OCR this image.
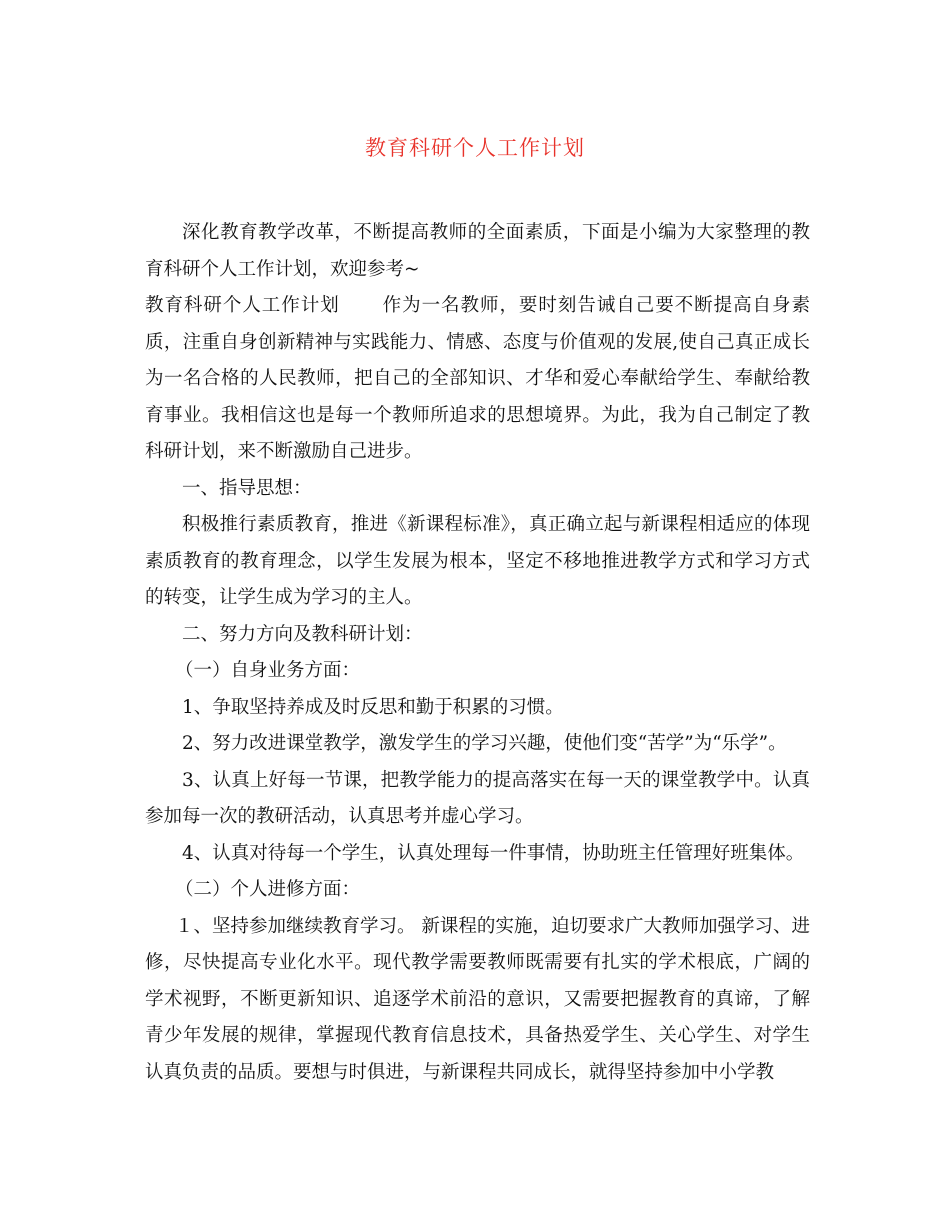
教育科研个人工作计划

深化教育教学改革，不断提高教师的全面素质，下面是小编为大家整理的教育科研个人工作计划，欢迎参考~

教育科研个人工作计划 作为一名教师，要时刻告诫自己要不断提高自身素质，注重自身创新精神与实践能力、情感、态度与价值观的发展,使自己真正成长为一名合格的人民教师，把自己的全部知识、才华和爱心奉献给学生、奉献给教育事业。我相信这也是每一个教师所追求的思想境界。为此，我为自己制定了教科研计划，来不断激励自己进步。

一、指导思想：

积极推行素质教育，推进《新课程标准》，真正确立起与新课程相适应的体现素质教育的教育理念，以学生发展为根本，坚定不移地推进教学方式和学习方式的转变，让学生成为学习的主人。

二、努力方向及教科研计划：

（一）自身业务方面：

1、争取坚持养成及时反思和勤于积累的习惯。

2、努力改进课堂教学，激发学生的学习兴趣，使他们变“苦学”为“乐学”。

3、认真上好每一节课，把教学能力的提高落实在每一天的课堂教学中。认真参加每一次的教研活动，认真思考并虚心学习。

4、认真对待每一个学生，认真处理每一件事情，协助班主任管理好班集体。

（二）个人进修方面：

１、坚持参加继续教育学习。 新课程的实施，迫切要求广大教师加强学习、进修，尽快提高专业化水平。现代教学需要教师既需要有扎实的学术根底，广阔的学术视野，不断更新知识、追逐学术前沿的意识，又需要把握教育的真谛，了解青少年发展的规律，掌握现代教育信息技术，具备热爱学生、关心学生、对学生认真负责的品质。要想与时俱进，与新课程共同成长，就得坚持参加中小学教
